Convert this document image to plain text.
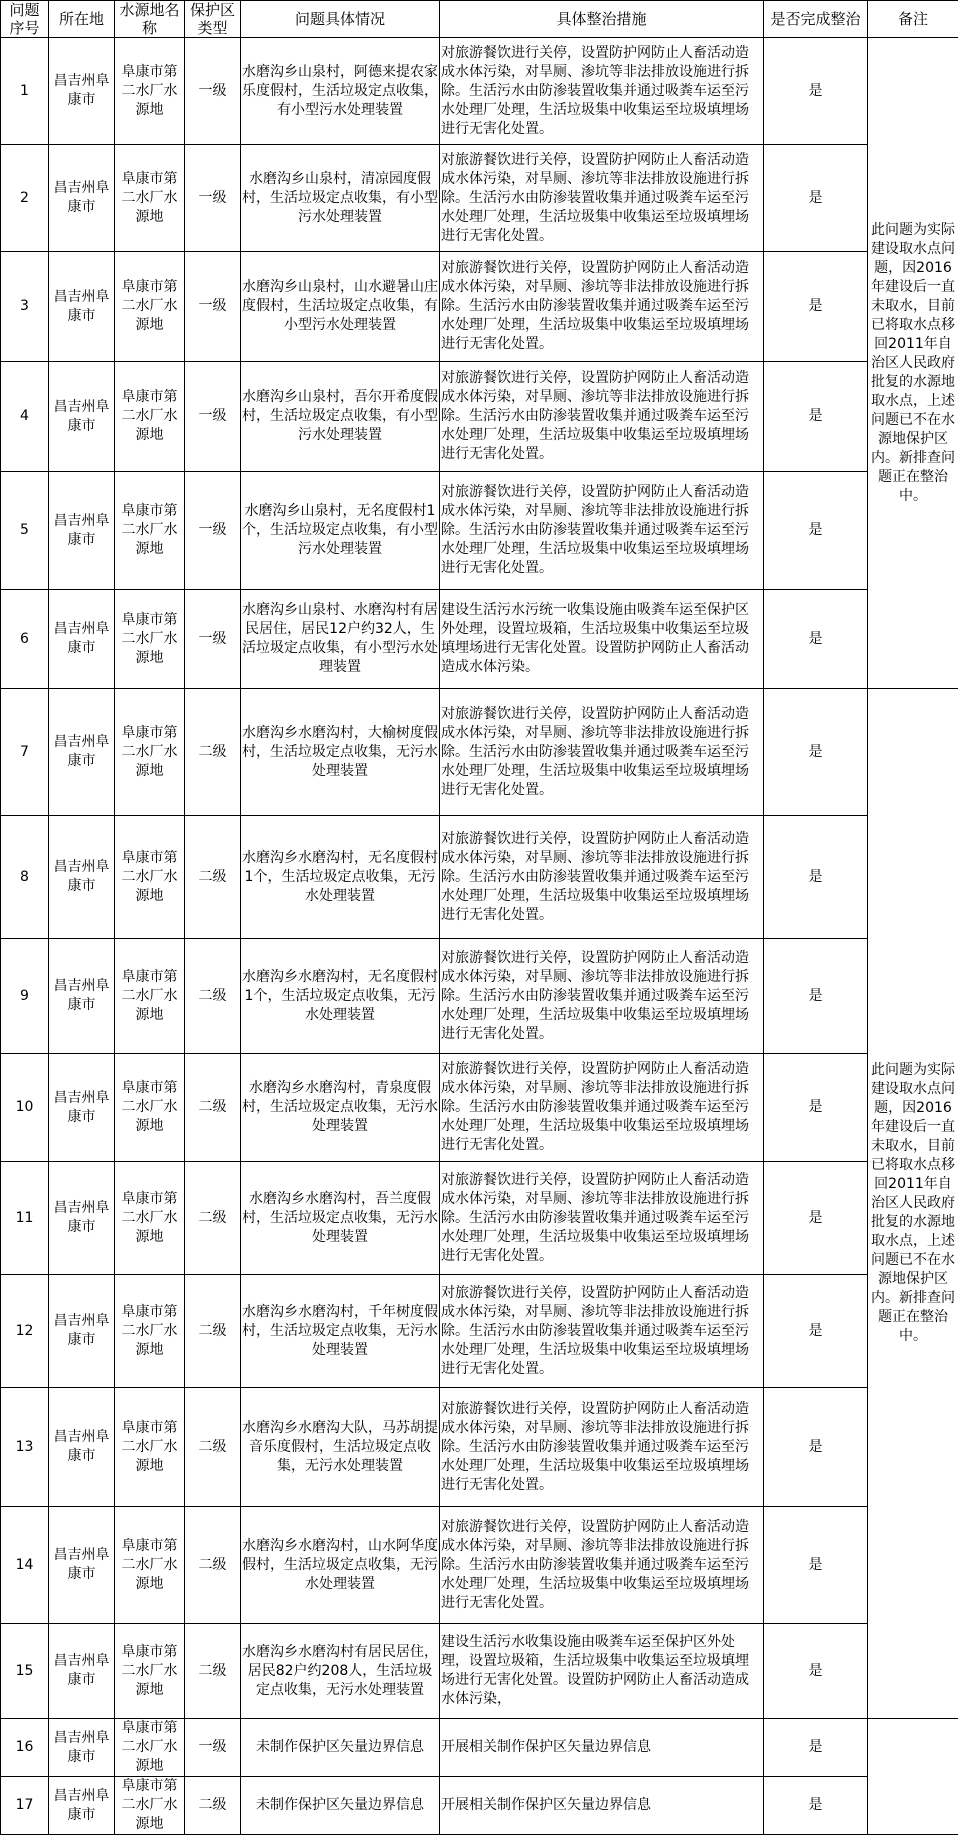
问题序号	所在地	水源地名称	保护区类型	问题具体情况	具体整治措施	是否完成整治	备注
1	昌吉州阜康市	阜康市第二水厂水源地	一级	水磨沟乡山泉村，阿德来提农家乐度假村，生活垃圾定点收集，有小型污水处理装置	对旅游餐饮进行关停，设置防护网防止人畜活动造成水体污染，对旱厕、渗坑等非法排放设施进行拆除。生活污水由防渗装置收集并通过吸粪车运至污水处理厂处理，生活垃圾集中收集运至垃圾填埋场进行无害化处置。	是	此问题为实际建设取水点问题，因2016年建设后一直未取水，目前已将取水点移回2011年自治区人民政府批复的水源地取水点，上述问题已不在水源地保护区内。新排查问题正在整治中。
2	昌吉州阜康市	阜康市第二水厂水源地	一级	水磨沟乡山泉村，清凉园度假村，生活垃圾定点收集，有小型污水处理装置	对旅游餐饮进行关停，设置防护网防止人畜活动造成水体污染，对旱厕、渗坑等非法排放设施进行拆除。生活污水由防渗装置收集并通过吸粪车运至污水处理厂处理，生活垃圾集中收集运至垃圾填埋场进行无害化处置。	是	
3	昌吉州阜康市	阜康市第二水厂水源地	一级	水磨沟乡山泉村，山水避暑山庄度假村，生活垃圾定点收集，有小型污水处理装置	对旅游餐饮进行关停，设置防护网防止人畜活动造成水体污染，对旱厕、渗坑等非法排放设施进行拆除。生活污水由防渗装置收集并通过吸粪车运至污水处理厂处理，生活垃圾集中收集运至垃圾填埋场进行无害化处置。	是	
4	昌吉州阜康市	阜康市第二水厂水源地	一级	水磨沟乡山泉村，吾尔开希度假村，生活垃圾定点收集，有小型污水处理装置	对旅游餐饮进行关停，设置防护网防止人畜活动造成水体污染，对旱厕、渗坑等非法排放设施进行拆除。生活污水由防渗装置收集并通过吸粪车运至污水处理厂处理，生活垃圾集中收集运至垃圾填埋场进行无害化处置。	是	
5	昌吉州阜康市	阜康市第二水厂水源地	一级	水磨沟乡山泉村，无名度假村1个，生活垃圾定点收集，有小型污水处理装置	对旅游餐饮进行关停，设置防护网防止人畜活动造成水体污染，对旱厕、渗坑等非法排放设施进行拆除。生活污水由防渗装置收集并通过吸粪车运至污水处理厂处理，生活垃圾集中收集运至垃圾填埋场进行无害化处置。	是	
6	昌吉州阜康市	阜康市第二水厂水源地	一级	水磨沟乡山泉村、水磨沟村有居民居住，居民12户约32人，生活垃圾定点收集，有小型污水处理装置	建设生活污水污统一收集设施由吸粪车运至保护区外处理，设置垃圾箱，生活垃圾集中收集运至垃圾填埋场进行无害化处置。设置防护网防止人畜活动造成水体污染。	是	
7	昌吉州阜康市	阜康市第二水厂水源地	二级	水磨沟乡水磨沟村，大榆树度假村，生活垃圾定点收集，无污水处理装置	对旅游餐饮进行关停，设置防护网防止人畜活动造成水体污染，对旱厕、渗坑等非法排放设施进行拆除。生活污水由防渗装置收集并通过吸粪车运至污水处理厂处理，生活垃圾集中收集运至垃圾填埋场进行无害化处置。	是	此问题为实际建设取水点问题，因2016年建设后一直未取水，目前已将取水点移回2011年自治区人民政府批复的水源地取水点，上述问题已不在水源地保护区内。新排查问题正在整治中。
8	昌吉州阜康市	阜康市第二水厂水源地	二级	水磨沟乡水磨沟村，无名度假村1个，生活垃圾定点收集，无污水处理装置	对旅游餐饮进行关停，设置防护网防止人畜活动造成水体污染，对旱厕、渗坑等非法排放设施进行拆除。生活污水由防渗装置收集并通过吸粪车运至污水处理厂处理，生活垃圾集中收集运至垃圾填埋场进行无害化处置。	是	
9	昌吉州阜康市	阜康市第二水厂水源地	二级	水磨沟乡水磨沟村，无名度假村1个，生活垃圾定点收集，无污水处理装置	对旅游餐饮进行关停，设置防护网防止人畜活动造成水体污染，对旱厕、渗坑等非法排放设施进行拆除。生活污水由防渗装置收集并通过吸粪车运至污水处理厂处理，生活垃圾集中收集运至垃圾填埋场进行无害化处置。	是	
10	昌吉州阜康市	阜康市第二水厂水源地	二级	水磨沟乡水磨沟村，青泉度假村，生活垃圾定点收集，无污水处理装置	对旅游餐饮进行关停，设置防护网防止人畜活动造成水体污染，对旱厕、渗坑等非法排放设施进行拆除。生活污水由防渗装置收集并通过吸粪车运至污水处理厂处理，生活垃圾集中收集运至垃圾填埋场进行无害化处置。	是	
11	昌吉州阜康市	阜康市第二水厂水源地	二级	水磨沟乡水磨沟村，吾兰度假村，生活垃圾定点收集，无污水处理装置	对旅游餐饮进行关停，设置防护网防止人畜活动造成水体污染，对旱厕、渗坑等非法排放设施进行拆除。生活污水由防渗装置收集并通过吸粪车运至污水处理厂处理，生活垃圾集中收集运至垃圾填埋场进行无害化处置。	是	
12	昌吉州阜康市	阜康市第二水厂水源地	二级	水磨沟乡水磨沟村，千年树度假村，生活垃圾定点收集，无污水处理装置	对旅游餐饮进行关停，设置防护网防止人畜活动造成水体污染，对旱厕、渗坑等非法排放设施进行拆除。生活污水由防渗装置收集并通过吸粪车运至污水处理厂处理，生活垃圾集中收集运至垃圾填埋场进行无害化处置。	是	
13	昌吉州阜康市	阜康市第二水厂水源地	二级	水磨沟乡水磨沟大队，马苏胡提音乐度假村，生活垃圾定点收集，无污水处理装置	对旅游餐饮进行关停，设置防护网防止人畜活动造成水体污染，对旱厕、渗坑等非法排放设施进行拆除。生活污水由防渗装置收集并通过吸粪车运至污水处理厂处理，生活垃圾集中收集运至垃圾填埋场进行无害化处置。	是	
14	昌吉州阜康市	阜康市第二水厂水源地	二级	水磨沟乡水磨沟村，山水阿华度假村，生活垃圾定点收集，无污水处理装置	对旅游餐饮进行关停，设置防护网防止人畜活动造成水体污染，对旱厕、渗坑等非法排放设施进行拆除。生活污水由防渗装置收集并通过吸粪车运至污水处理厂处理，生活垃圾集中收集运至垃圾填埋场进行无害化处置。	是	
15	昌吉州阜康市	阜康市第二水厂水源地	二级	水磨沟乡水磨沟村有居民居住，居民82户约208人，生活垃圾定点收集，无污水处理装置	建设生活污水收集设施由吸粪车运至保护区外处理，设置垃圾箱，生活垃圾集中收集运至垃圾填埋场进行无害化处置。设置防护网防止人畜活动造成水体污染，	是	
16	昌吉州阜康市	阜康市第二水厂水源地	一级	未制作保护区矢量边界信息	开展相关制作保护区矢量边界信息	是	
17	昌吉州阜康市	阜康市第二水厂水源地	二级	未制作保护区矢量边界信息	开展相关制作保护区矢量边界信息	是	
